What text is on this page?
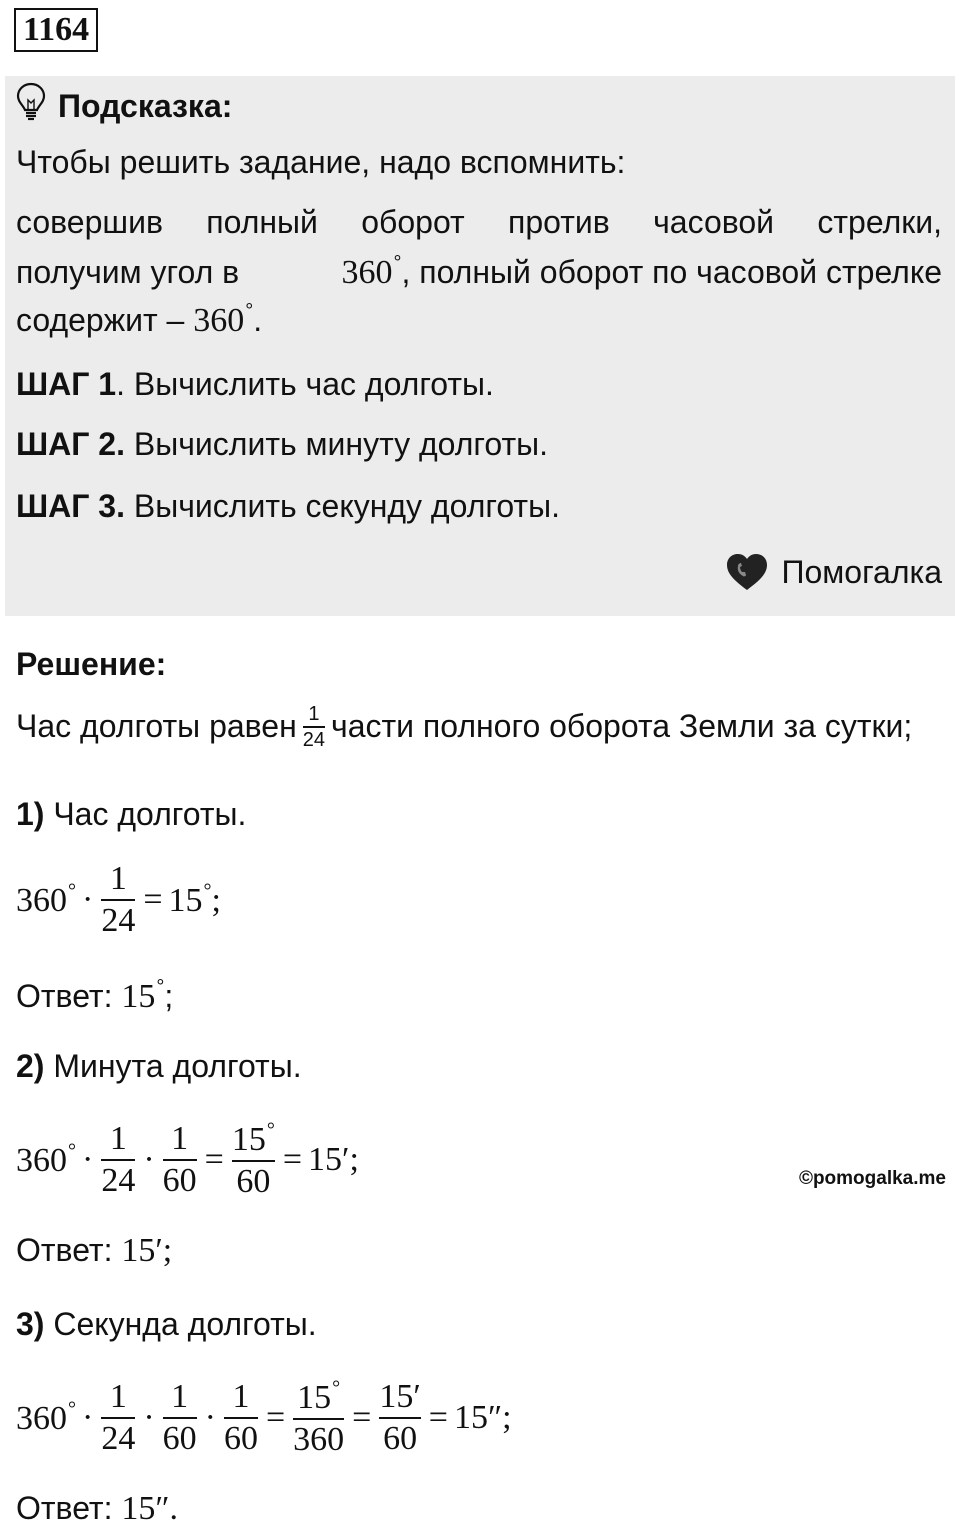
1164
Подсказка:
Чтобы решить задание, надо вспомнить:
совершив полный оборот против часовой стрелки,
получим угол в	360°, полный оборот по часовой стрелке
содержит – 360°.
ШАГ 1. Вычислить час долготы.
ШАГ 2. Вычислить минуту долготы.
ШАГ 3. Вычислить секунду долготы.
Помогалка
Решение:
Час долготы равен $\frac{1}{24}$ части полного оборота Земли за сутки;
1) Час долготы.
$360^\circ \cdot \frac{1}{24} = 15^\circ$;
Ответ: 15°;
2) Минута долготы.
$360^\circ \cdot \frac{1}{24} \cdot \frac{1}{60} = \frac{15^\circ}{60} = 15'$;
©pomogalka.me
Ответ: 15′;
3) Секунда долготы.
$360^\circ \cdot \frac{1}{24} \cdot \frac{1}{60} \cdot \frac{1}{60} = \frac{15^\circ}{360} = \frac{15'}{60} = 15''$;
Ответ: 15″.
